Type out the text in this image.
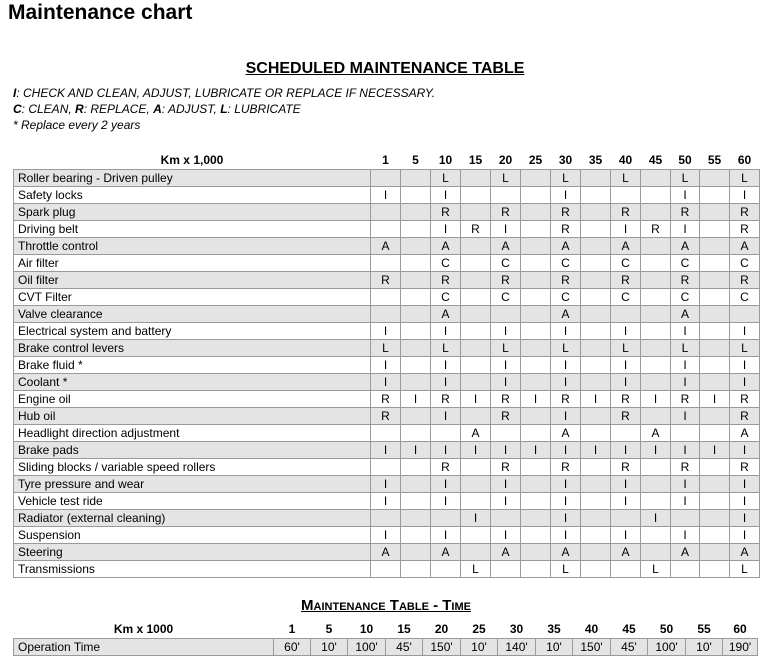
Maintenance chart
SCHEDULED MAINTENANCE TABLE
I: CHECK AND CLEAN, ADJUST, LUBRICATE OR REPLACE IF NECESSARY.
C: CLEAN, R: REPLACE, A: ADJUST, L: LUBRICATE
* Replace every 2 years
Km x 1,000	1	5	10	15	20	25	30	35	40	45	50	55	60
Roller bearing - Driven pulley			L		L		L		L		L		L
Safety locks	I		I				I				I		I
Spark plug			R		R		R		R		R		R
Driving belt			I	R	I		R		I	R	I		R
Throttle control	A		A		A		A		A		A		A
Air filter			C		C		C		C		C		C
Oil filter	R		R		R		R		R		R		R
CVT Filter			C		C		C		C		C		C
Valve clearance			A				A				A		
Electrical system and battery	I		I		I		I		I		I		I
Brake control levers	L		L		L		L		L		L		L
Brake fluid *	I		I		I		I		I		I		I
Coolant *	I		I		I		I		I		I		I
Engine oil	R	I	R	I	R	I	R	I	R	I	R	I	R
Hub oil	R		I		R		I		R		I		R
Headlight direction adjustment				A			A			A			A
Brake pads	I	I	I	I	I	I	I	I	I	I	I	I	I
Sliding blocks / variable speed rollers			R		R		R		R		R		R
Tyre pressure and wear	I		I		I		I		I		I		I
Vehicle test ride	I		I		I		I		I		I		I
Radiator (external cleaning)				I			I			I			I
Suspension	I		I		I		I		I		I		I
Steering	A		A		A		A		A		A		A
Transmissions				L			L			L			L
Maintenance Table - Time
Km x 1000	1	5	10	15	20	25	30	35	40	45	50	55	60
Operation Time	60'	10'	100'	45'	150'	10'	140'	10'	150'	45'	100'	10'	190'
